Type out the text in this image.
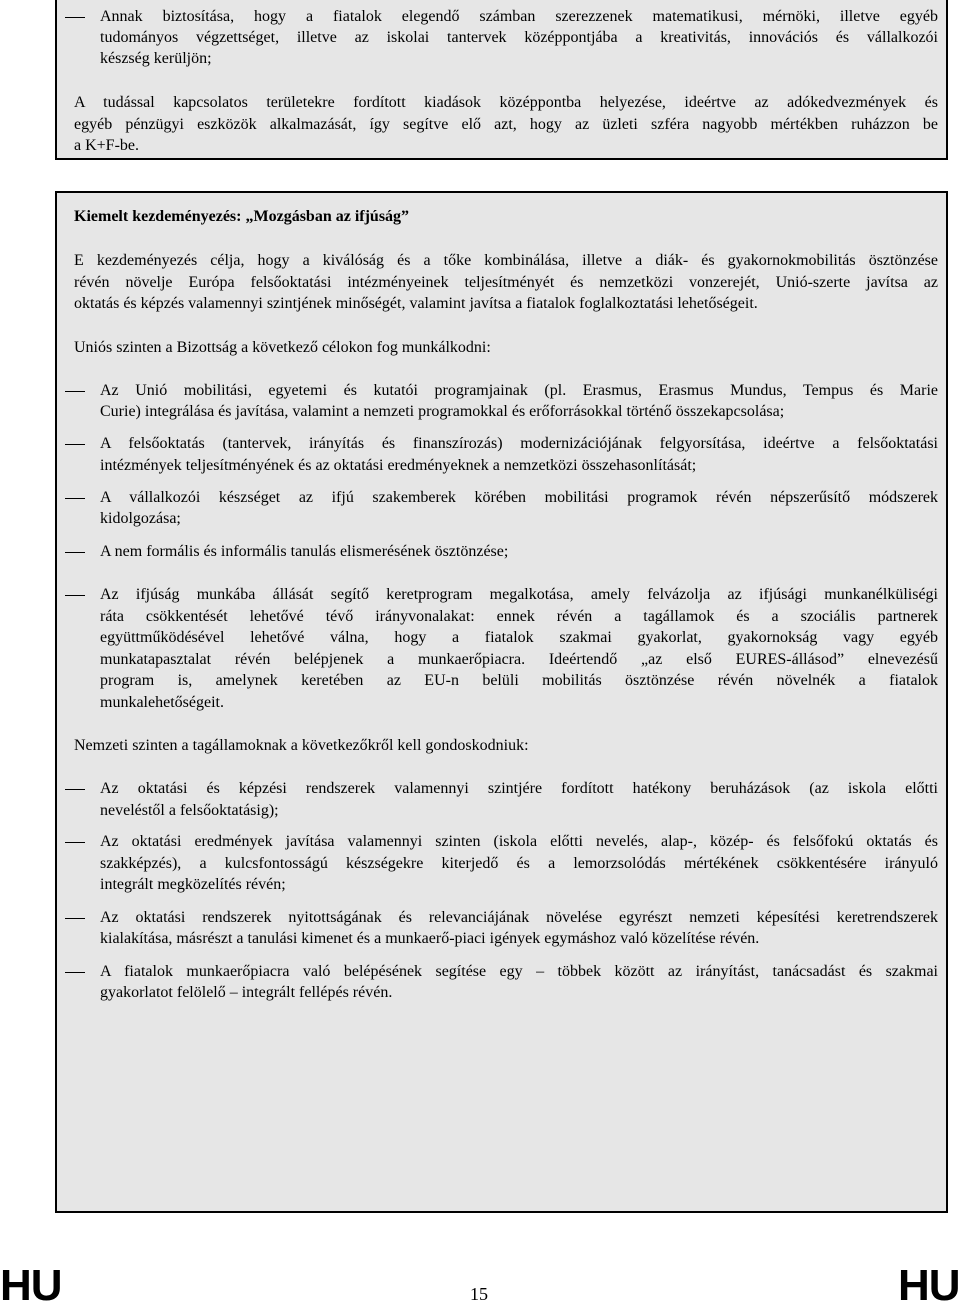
Annak biztosítása, hogy a fiatalok elegendő számban szerezzenek matematikusi, mérnöki, illetve egyéb

tudományos végzettséget, illetve az iskolai tantervek középpontjába a kreativitás, innovációs és vállalkozói

készség kerüljön;

A tudással kapcsolatos területekre fordított kiadások középpontba helyezése, ideértve az adókedvezmények és

egyéb pénzügyi eszközök alkalmazását, így segítve elő azt, hogy az üzleti szféra nagyobb mértékben ruházzon be

a K+F-be.

Kiemelt kezdeményezés: „Mozgásban az ifjúság”

E kezdeményezés célja, hogy a kiválóság és a tőke kombinálása, illetve a diák- és gyakornokmobilitás ösztönzése

révén növelje Európa felsőoktatási intézményeinek teljesítményét és nemzetközi vonzerejét, Unió-szerte javítsa az

oktatás és képzés valamennyi szintjének minőségét, valamint javítsa a fiatalok foglalkoztatási lehetőségeit.

Uniós szinten a Bizottság a következő célokon fog munkálkodni:

Az Unió mobilitási, egyetemi és kutatói programjainak (pl. Erasmus, Erasmus Mundus, Tempus és Marie

Curie) integrálása és javítása, valamint a nemzeti programokkal és erőforrásokkal történő összekapcsolása;

A felsőoktatás (tantervek, irányítás és finanszírozás) modernizációjának felgyorsítása, ideértve a felsőoktatási

intézmények teljesítményének és az oktatási eredményeknek a nemzetközi összehasonlítását;

A vállalkozói készséget az ifjú szakemberek körében mobilitási programok révén népszerűsítő módszerek

kidolgozása;

A nem formális és informális tanulás elismerésének ösztönzése;

Az ifjúság munkába állását segítő keretprogram megalkotása, amely felvázolja az ifjúsági munkanélküliségi

ráta csökkentését lehetővé tévő irányvonalakat: ennek révén a tagállamok és a szociális partnerek

együttműködésével lehetővé válna, hogy a fiatalok szakmai gyakorlat, gyakornokság vagy egyéb

munkatapasztalat révén belépjenek a munkaerőpiacra. Ideértendő „az első EURES-állásod” elnevezésű

program is, amelynek keretében az EU-n belüli mobilitás ösztönzése révén növelnék a fiatalok

munkalehetőségeit.

Nemzeti szinten a tagállamoknak a következőkről kell gondoskodniuk:

Az oktatási és képzési rendszerek valamennyi szintjére fordított hatékony beruházások (az iskola előtti

neveléstől a felsőoktatásig);

Az oktatási eredmények javítása valamennyi szinten (iskola előtti nevelés, alap-, közép- és felsőfokú oktatás és

szakképzés), a kulcsfontosságú készségekre kiterjedő és a lemorzsolódás mértékének csökkentésére irányuló

integrált megközelítés révén;

Az oktatási rendszerek nyitottságának és relevanciájának növelése egyrészt nemzeti képesítési keretrendszerek

kialakítása, másrészt a tanulási kimenet és a munkaerő-piaci igények egymáshoz való közelítése révén.

A fiatalok munkaerőpiacra való belépésének segítése egy – többek között az irányítást, tanácsadást és szakmai

gyakorlatot felölelő – integrált fellépés révén.

HU	15	HU
